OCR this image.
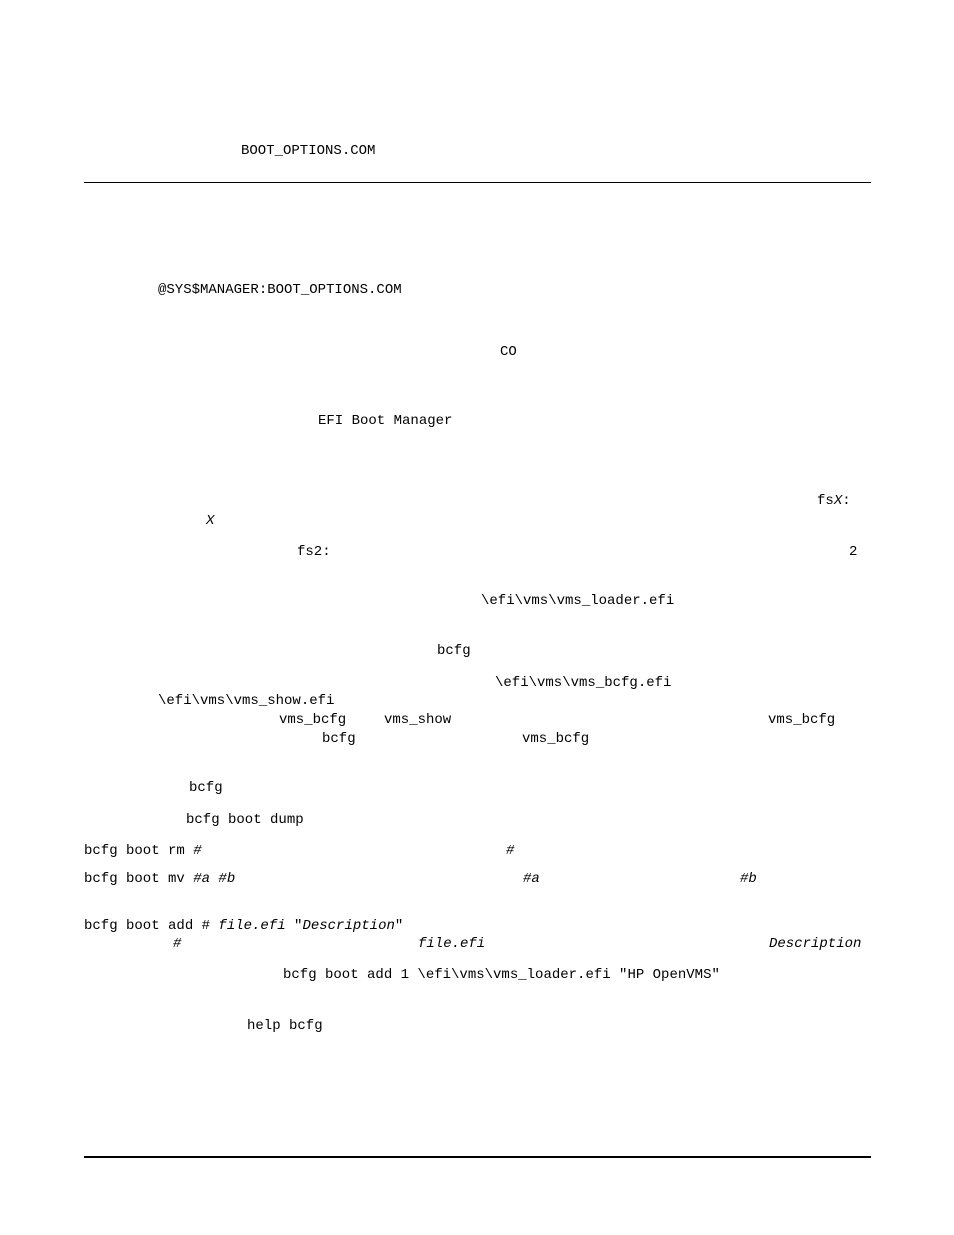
BOOT_OPTIONS.COM
@SYS$MANAGER:BOOT_OPTIONS.COM
CO
EFI Boot Manager
fsX:
X
fs2:	2
\efi\vms\vms_loader.efi
bcfg
\efi\vms\vms_bcfg.efi
\efi\vms\vms_show.efi
vms_bcfg	vms_show	vms_bcfg
bcfg	vms_bcfg
bcfg
bcfg boot dump
bcfg boot rm #	#
bcfg boot mv #a #b	#a	#b
bcfg boot add # file.efi "Description"
#	file.efi	Description
bcfg boot add 1 \efi\vms\vms_loader.efi "HP OpenVMS"
help bcfg
